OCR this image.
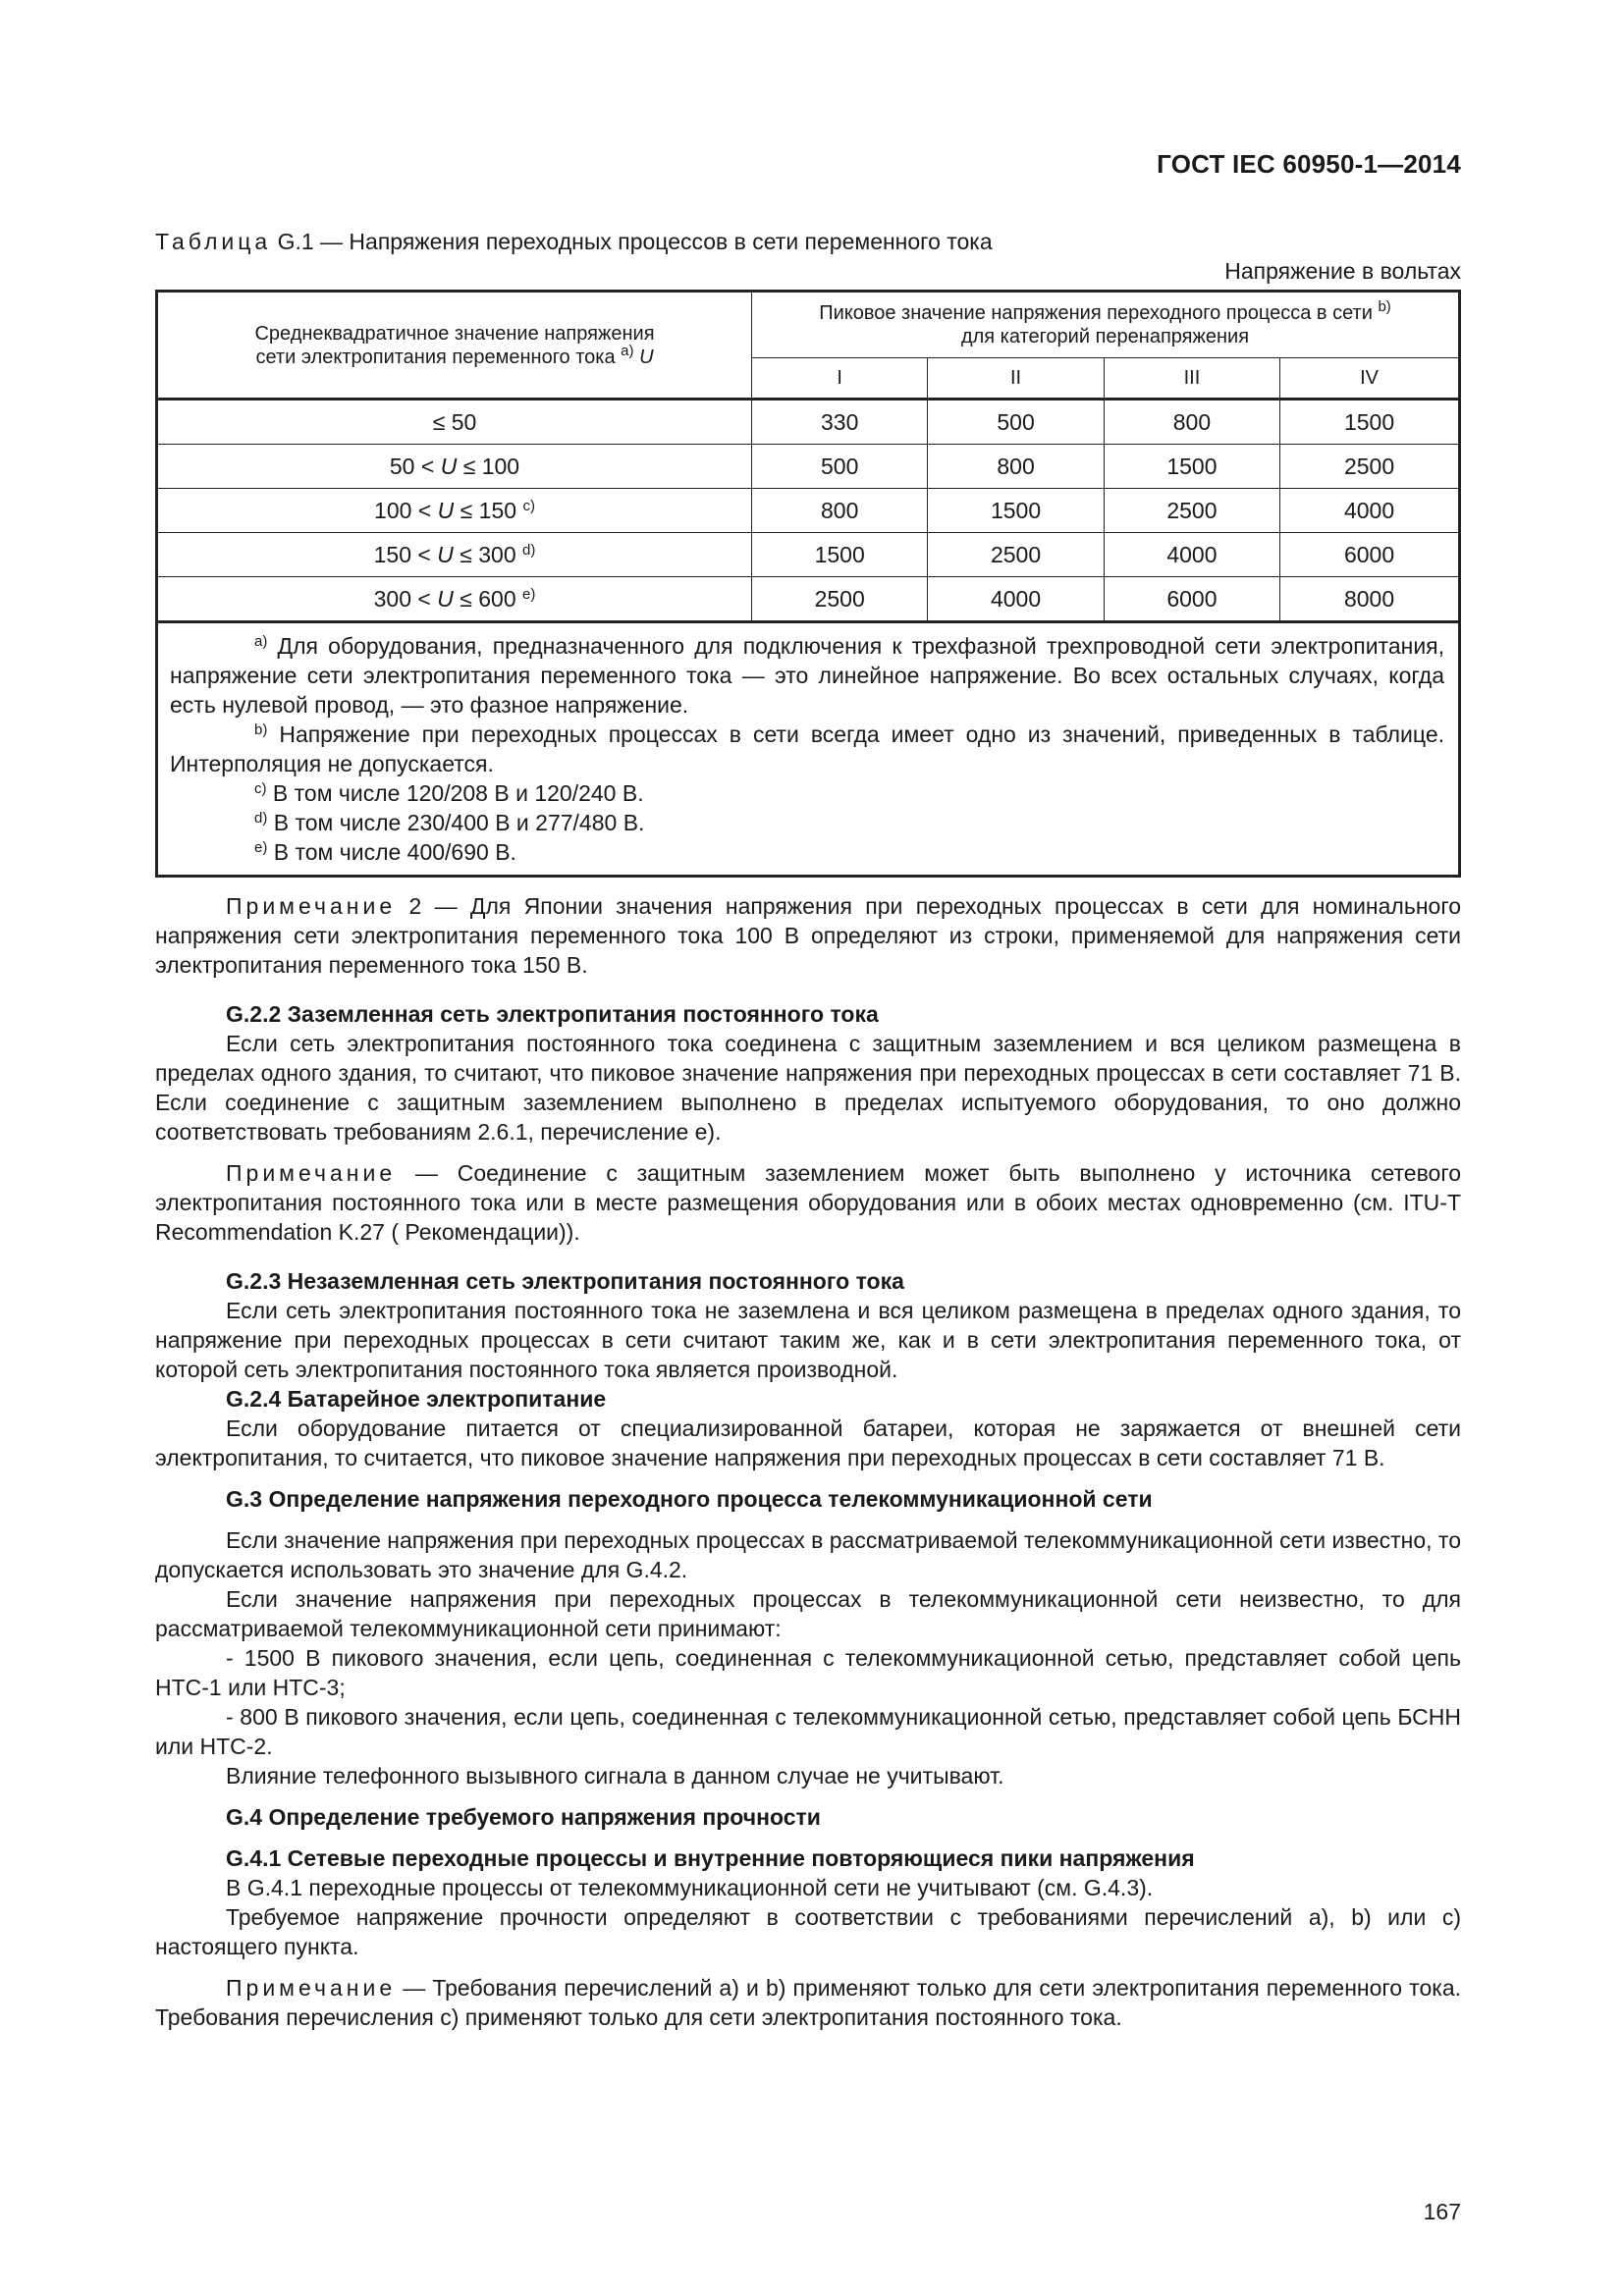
ГОСТ IEC 60950-1—2014
Таблица G.1 — Напряжения переходных процессов в сети переменного тока
Напряжение в вольтах
Среднеквадратичное значение напряжения
сети электропитания переменного тока $^{a)}$ U	Пиковое значение напряжения переходного процесса в сети $^{b)}$
для категорий перенапряжения			
	I	II	III	IV
≤ 50	330	500	800	1500
50 < U ≤ 100	500	800	1500	2500
100 < U ≤ 150 $^{c)}$	800	1500	2500	4000
150 < U ≤ 300 $^{d)}$	1500	2500	4000	6000
300 < U ≤ 600 $^{e)}$	2500	4000	6000	8000

$^{a)}$ Для оборудования, предназначенного для подключения к трехфазной трехпроводной сети электропитания, напряжение сети электропитания переменного тока — это линейное напряжение. Во всех остальных случаях, когда есть нулевой провод, — это фазное напряжение.

$^{b)}$ Напряжение при переходных процессах в сети всегда имеет одно из значений, приведенных в таблице. Интерполяция не допускается.

$^{c)}$ В том числе 120/208 В и 120/240 В.

$^{d)}$ В том числе 230/400 В и 277/480 В.

$^{e)}$ В том числе 400/690 В.				

Примечание 2 — Для Японии значения напряжения при переходных процессах в сети для номинального напряжения сети электропитания переменного тока 100 В определяют из строки, применяемой для напряжения сети электропитания переменного тока 150 В.

G.2.2 Заземленная сеть электропитания постоянного тока

Если сеть электропитания постоянного тока соединена с защитным заземлением и вся целиком размещена в пределах одного здания, то считают, что пиковое значение напряжения при переходных процессах в сети составляет 71 В. Если соединение с защитным заземлением выполнено в пределах испытуемого оборудования, то оно должно соответствовать требованиям 2.6.1, перечисление е).

Примечание — Соединение с защитным заземлением может быть выполнено у источника сетевого электропитания постоянного тока или в месте размещения оборудования или в обоих местах одновременно (см. ITU-T Recommendation K.27 ( Рекомендации)).

G.2.3 Незаземленная сеть электропитания постоянного тока

Если сеть электропитания постоянного тока не заземлена и вся целиком размещена в пределах одного здания, то напряжение при переходных процессах в сети считают таким же, как и в сети электропитания переменного тока, от которой сеть электропитания постоянного тока является производной.

G.2.4 Батарейное электропитание

Если оборудование питается от специализированной батареи, которая не заряжается от внешней сети электропитания, то считается, что пиковое значение напряжения при переходных процессах в сети составляет 71 В.

G.3 Определение напряжения переходного процесса телекоммуникационной сети

Если значение напряжения при переходных процессах в рассматриваемой телекоммуникационной сети известно, то допускается использовать это значение для G.4.2.

Если значение напряжения при переходных процессах в телекоммуникационной сети неизвестно, то для рассматриваемой телекоммуникационной сети принимают:

- 1500 В пикового значения, если цепь, соединенная с телекоммуникационной сетью, представляет собой цепь НТС-1 или НТС-3;

- 800 В пикового значения, если цепь, соединенная с телекоммуникационной сетью, представляет собой цепь БСНН или НТС-2.

Влияние телефонного вызывного сигнала в данном случае не учитывают.

G.4 Определение требуемого напряжения прочности

G.4.1 Сетевые переходные процессы и внутренние повторяющиеся пики напряжения

В G.4.1 переходные процессы от телекоммуникационной сети не учитывают (см. G.4.3).

Требуемое напряжение прочности определяют в соответствии с требованиями перечислений а), b) или с) настоящего пункта.

Примечание — Требования перечислений а) и b) применяют только для сети электропитания переменного тока. Требования перечисления с) применяют только для сети электропитания постоянного тока.

167
